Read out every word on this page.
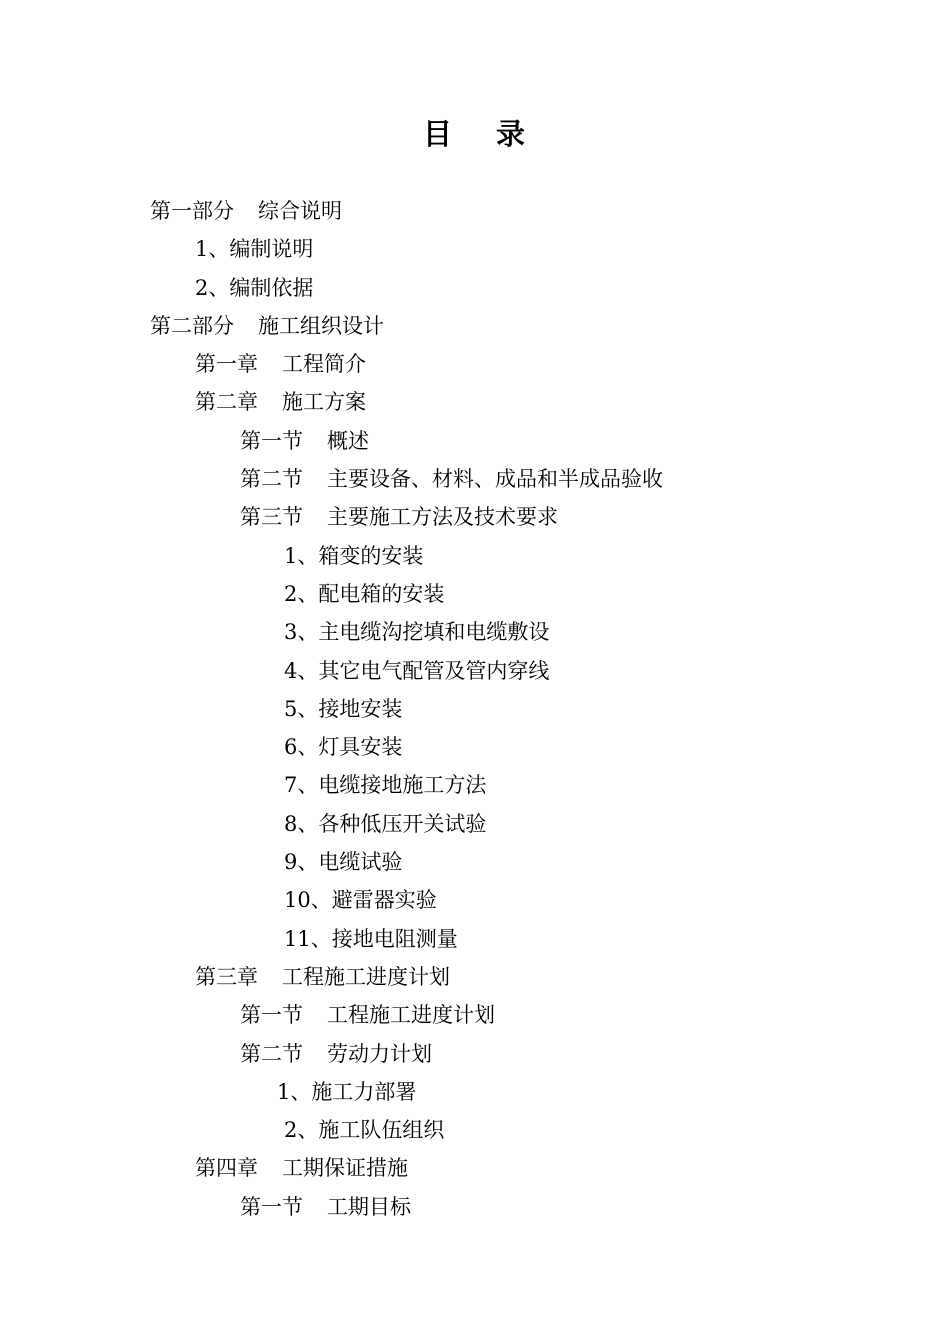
目 录
第一部分 综合说明
1、编制说明
2、编制依据
第二部分 施工组织设计
第一章 工程简介
第二章 施工方案
第一节 概述
第二节 主要设备、材料、成品和半成品验收
第三节 主要施工方法及技术要求
1、箱变的安装
2、配电箱的安装
3、主电缆沟挖填和电缆敷设
4、其它电气配管及管内穿线
5、接地安装
6、灯具安装
7、电缆接地施工方法
8、各种低压开关试验
9、电缆试验
10、避雷器实验
11、接地电阻测量
第三章 工程施工进度计划
第一节 工程施工进度计划
第二节 劳动力计划
1、施工力部署
2、施工队伍组织
第四章 工期保证措施
第一节 工期目标
